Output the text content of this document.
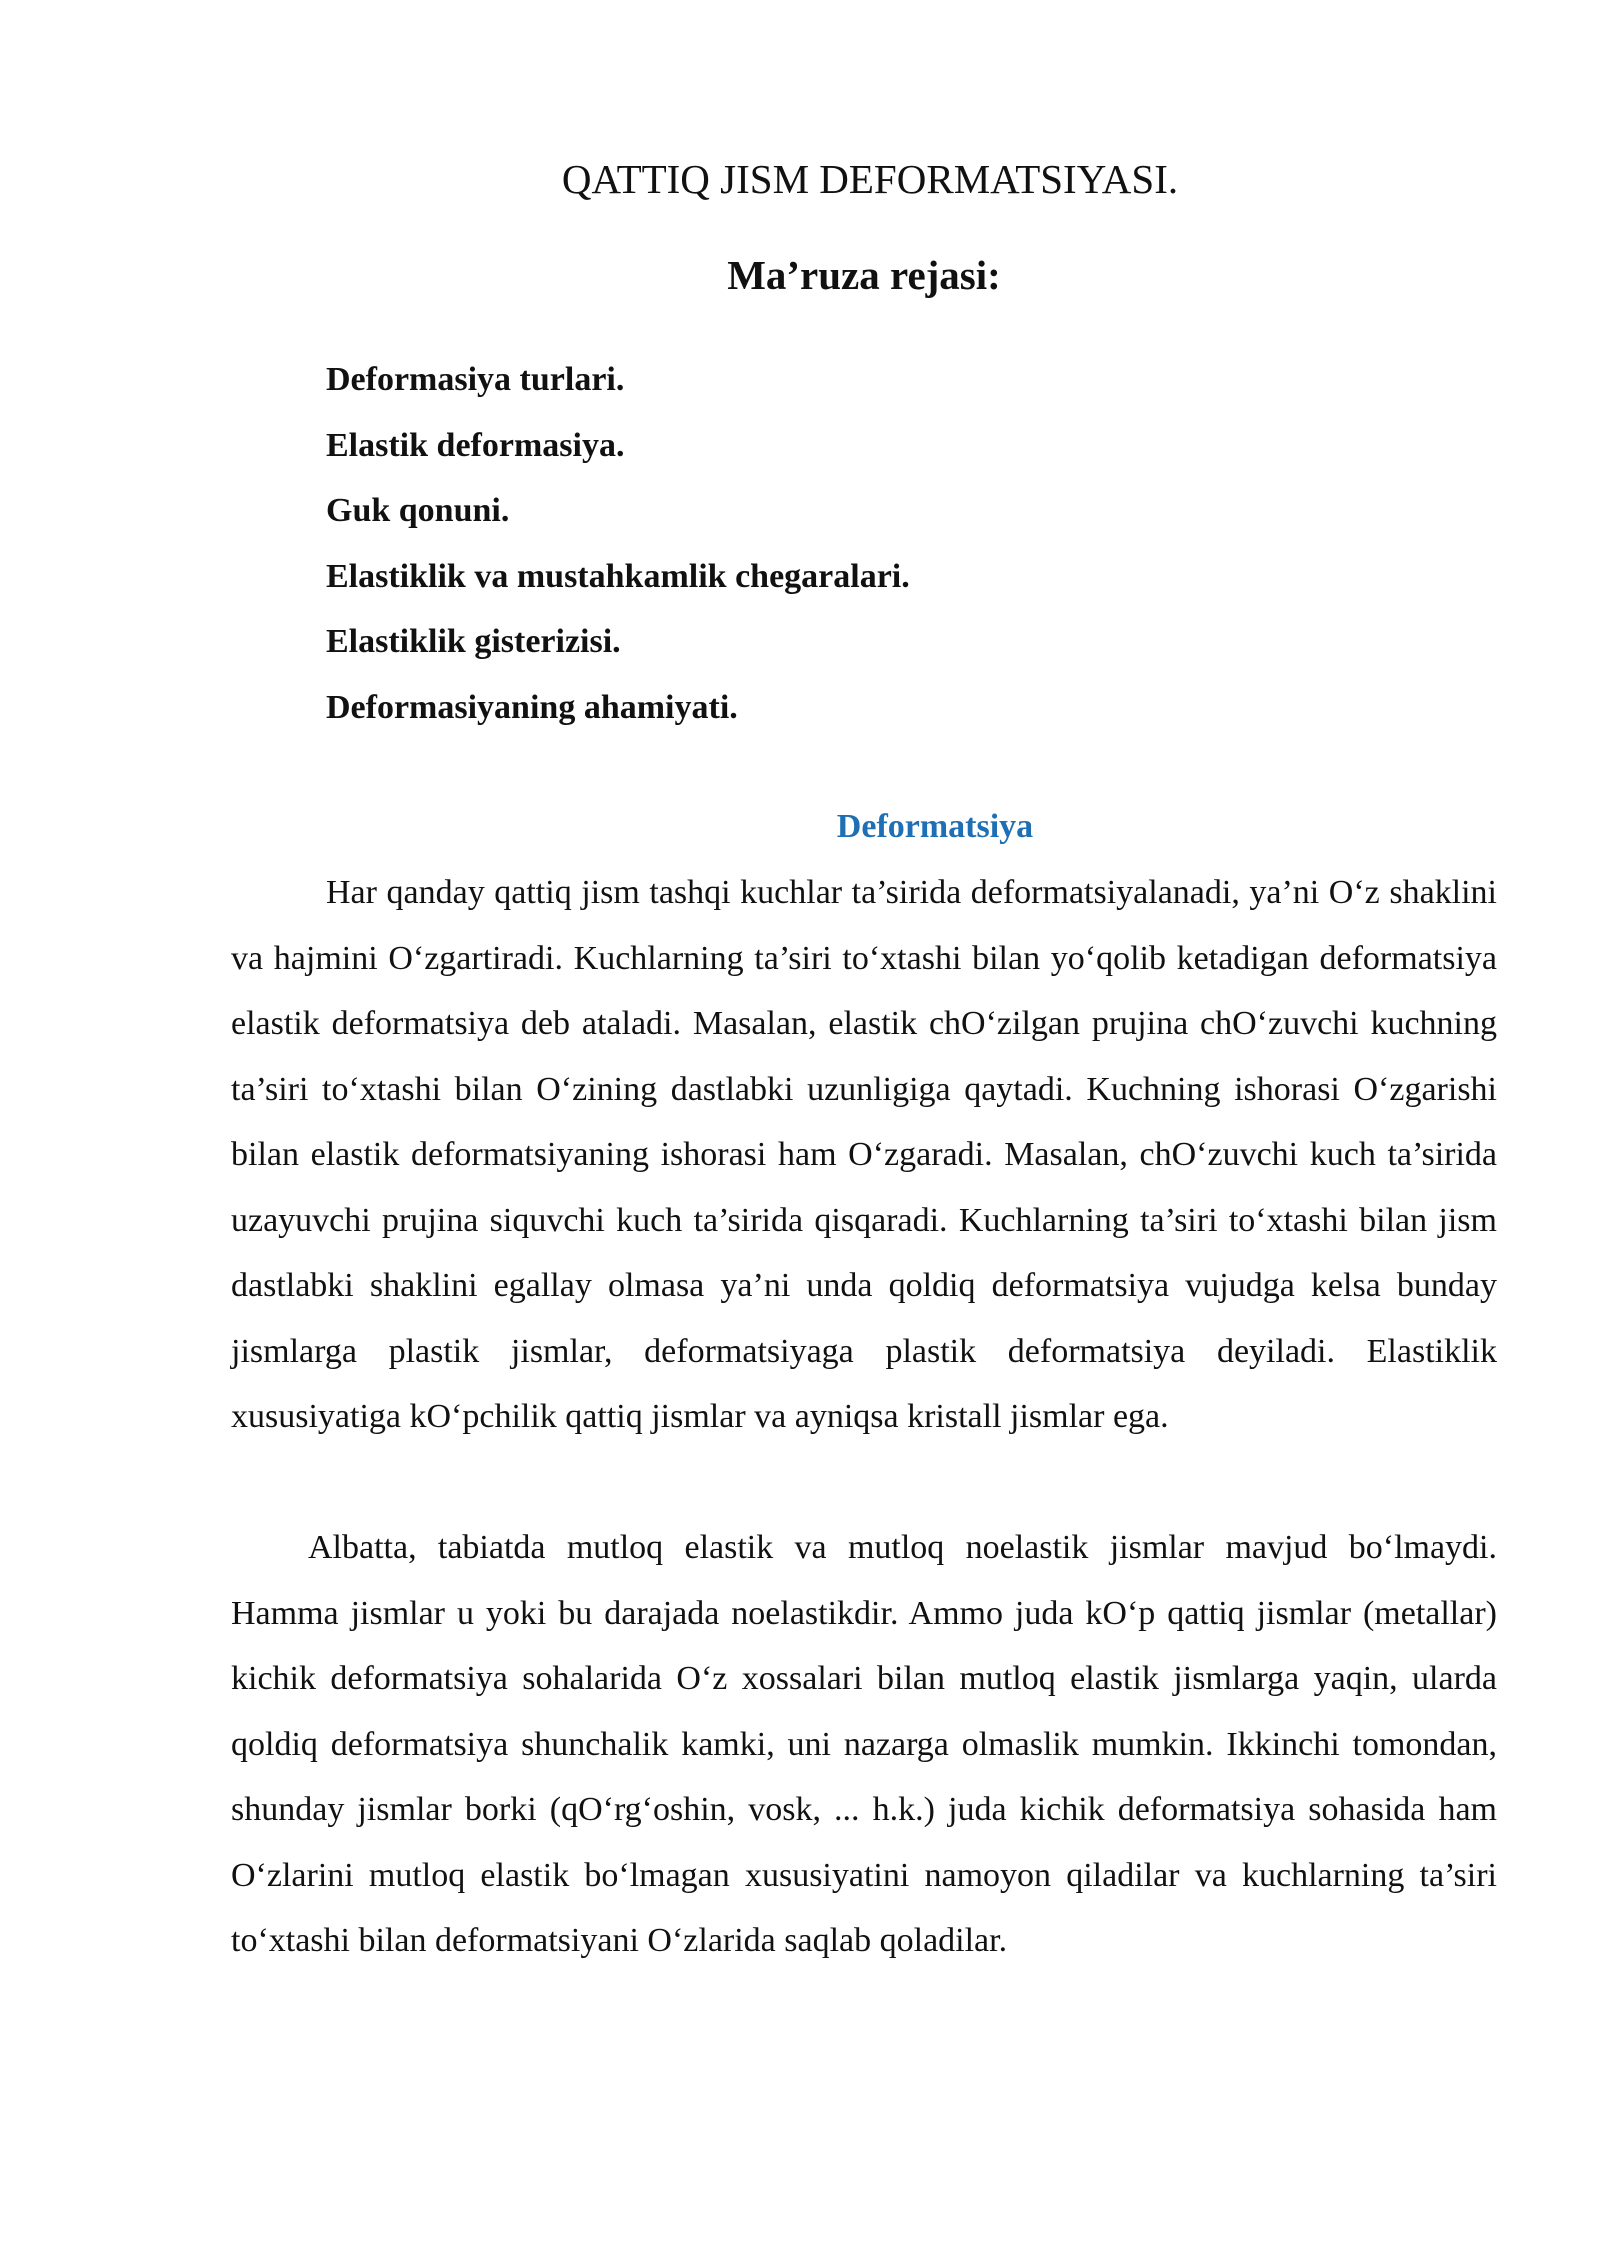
QATTIQ JISM DEFORMATSIYASI.
Ma’ruza rejasi:
Deformasiya turlari.
Elastik deformasiya.
Guk qonuni.
Elastiklik va mustahkamlik chegaralari.
Elastiklik gisterizisi.
Deformasiyaning ahamiyati.
Deformatsiya

Har qanday qattiq jism tashqi kuchlar ta’sirida deformatsiyalanadi, ya’ni O‘z shaklini va hajmini O‘zgartiradi. Kuchlarning ta’siri to‘xtashi bilan yo‘qolib ketadigan deformatsiya elastik deformatsiya deb ataladi. Masalan, elastik chO‘zilgan prujina chO‘zuvchi kuchning ta’siri to‘xtashi bilan O‘zining dastlabki uzunligiga qaytadi. Kuchning ishorasi O‘zgarishi bilan elastik deformatsiyaning ishorasi ham O‘zgaradi. Masalan, chO‘zuvchi kuch ta’sirida uzayuvchi prujina siquvchi kuch ta’sirida qisqaradi. Kuchlarning ta’siri to‘xtashi bilan jism dastlabki shaklini egallay olmasa ya’ni unda qoldiq deformatsiya vujudga kelsa bunday jismlarga plastik jismlar, deformatsiyaga plastik deformatsiya deyiladi. Elastiklik xususiyatiga kO‘pchilik qattiq jismlar va ayniqsa kristall jismlar ega.

Albatta, tabiatda mutloq elastik va mutloq noelastik jismlar mavjud bo‘lmaydi. Hamma jismlar u yoki bu darajada noelastikdir. Ammo juda kO‘p qattiq jismlar (metallar) kichik deformatsiya sohalarida O‘z xossalari bilan mutloq elastik jismlarga yaqin, ularda qoldiq deformatsiya shunchalik kamki, uni nazarga olmaslik mumkin. Ikkinchi tomondan, shunday jismlar borki (qO‘rg‘oshin, vosk, ... h.k.) juda kichik deformatsiya sohasida ham O‘zlarini mutloq elastik bo‘lmagan xususiyatini namoyon qiladilar va kuchlarning ta’siri to‘xtashi bilan deformatsiyani O‘zlarida saqlab qoladilar.
